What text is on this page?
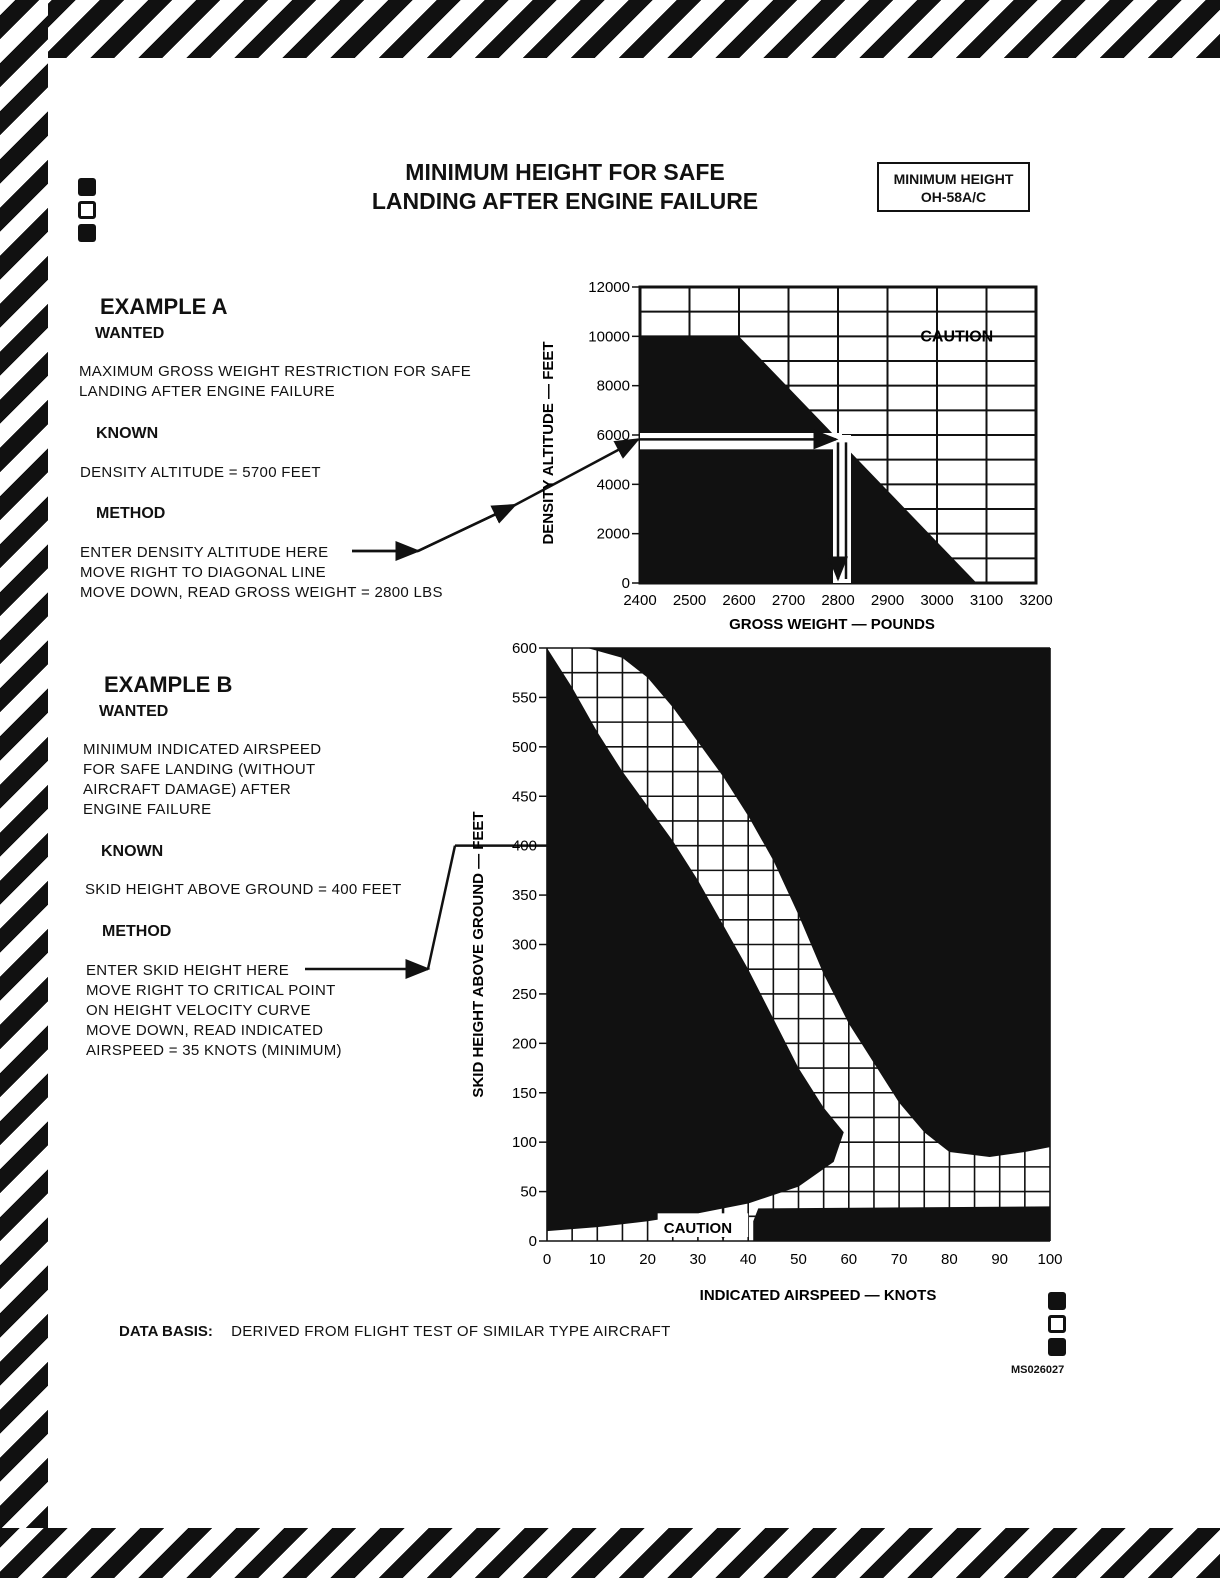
MINIMUM HEIGHT FOR SAFE
LANDING AFTER ENGINE FAILURE
MINIMUM HEIGHT
OH-58A/C
EXAMPLE A
WANTED
MAXIMUM GROSS WEIGHT RESTRICTION FOR SAFE
LANDING AFTER ENGINE FAILURE
KNOWN
DENSITY ALTITUDE = 5700 FEET
METHOD
ENTER DENSITY ALTITUDE HERE
MOVE RIGHT TO DIAGONAL LINE
MOVE DOWN, READ GROSS WEIGHT = 2800 LBS
EXAMPLE B
WANTED
MINIMUM INDICATED AIRSPEED
FOR SAFE LANDING (WITHOUT
AIRCRAFT DAMAGE) AFTER
ENGINE FAILURE
KNOWN
SKID HEIGHT ABOVE GROUND = 400 FEET
METHOD
ENTER SKID HEIGHT HERE
MOVE RIGHT TO CRITICAL POINT
ON HEIGHT VELOCITY CURVE
MOVE DOWN, READ INDICATED
AIRSPEED = 35 KNOTS (MINIMUM)
DATA BASIS: DERIVED FROM FLIGHT TEST OF SIMILAR TYPE AIRCRAFT
MS026027
0
2000
4000
6000
8000
10000
12000
2400 2500 2600 2700 2800 2900 3000 3100 3200
GROSS WEIGHT — POUNDS
DENSITY ALTITUDE — FEET
CAUTION
0
50
100
150
200
250
300
350
400
450
500
550
600
0	10 20 30 40 50 60 70 80 90 100
INDICATED AIRSPEED — KNOTS
SKID HEIGHT ABOVE GROUND — FEET
CAUTION
